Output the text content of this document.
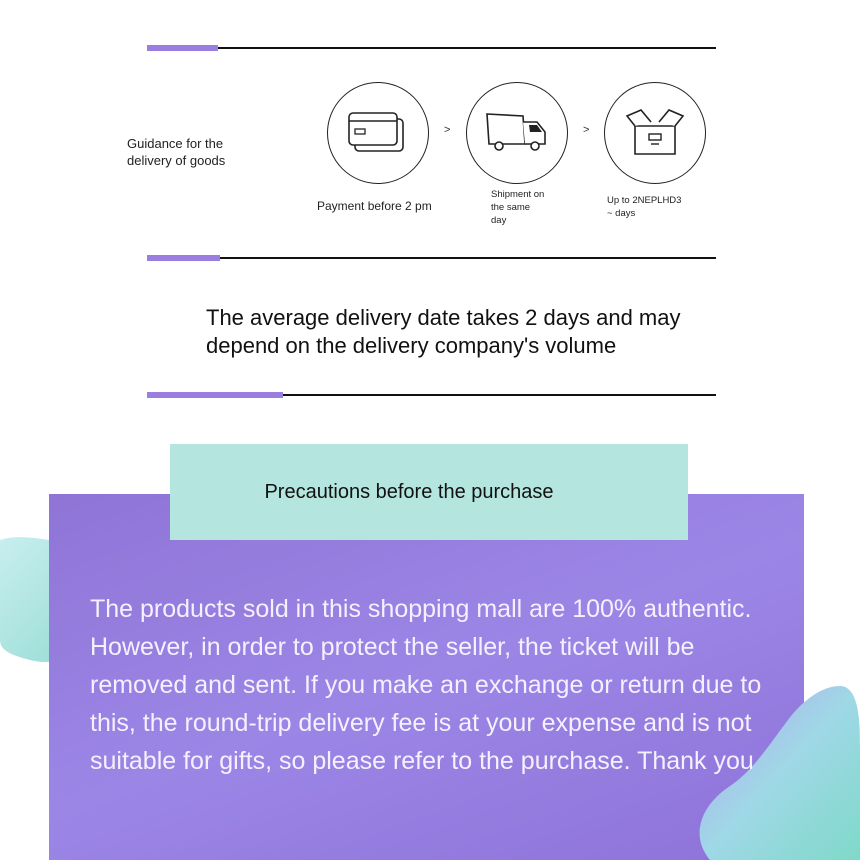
Guidance for the delivery of goods
>	>
Payment before 2 pm
Shipment on the same day
Up to 2NEPLHD3 ~ days
The average delivery date takes 2 days and may depend on the delivery company's volume
Precautions before the purchase
The products sold in this shopping mall are 100% authentic. However, in order to protect the seller, the ticket will be removed and sent. If you make an exchange or return due to this, the round-trip delivery fee is at your expense and is not suitable for gifts, so please refer to the purchase. Thank you
